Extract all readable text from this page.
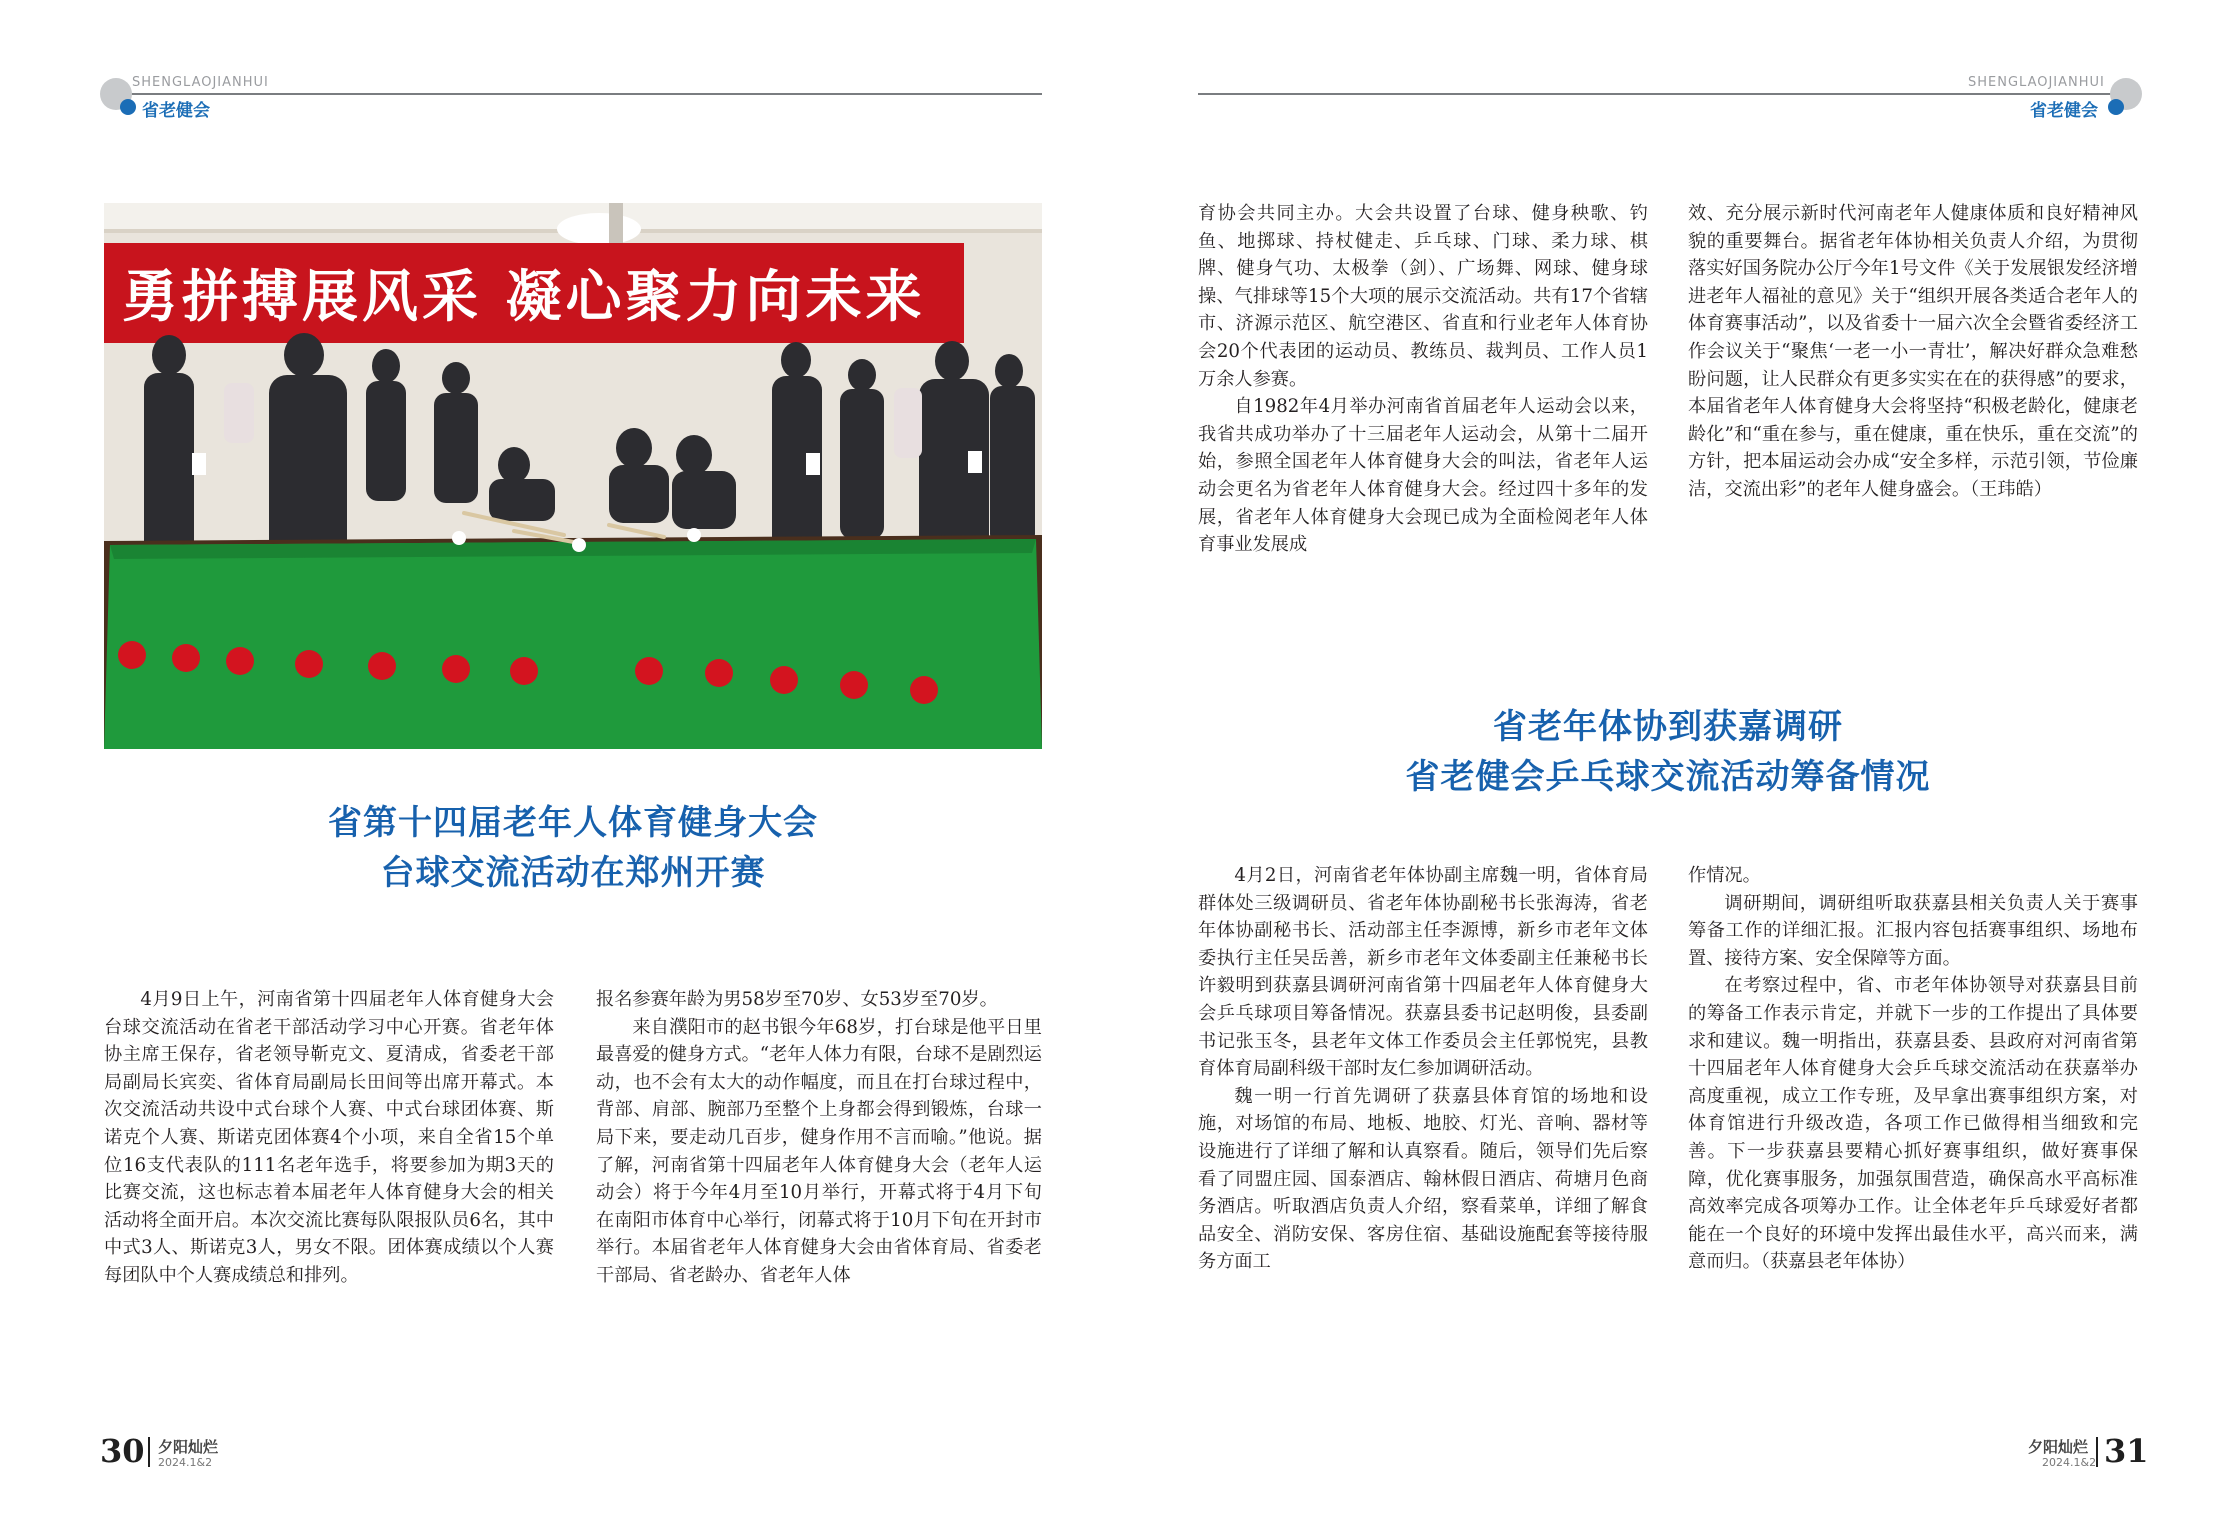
SHENGLAOJIANHUI
省老健会
SHENGLAOJIANHUI
省老健会
勇拼搏展风采 凝心聚力向未来
省第十四届老年人体育健身大会
台球交流活动在郑州开赛

4月9日上午，河南省第十四届老年人体育健身大会台球交流活动在省老干部活动学习中心开赛。省老年体协主席王保存，省老领导靳克文、夏清成，省委老干部局副局长宾奕、省体育局副局长田间等出席开幕式。本次交流活动共设中式台球个人赛、中式台球团体赛、斯诺克个人赛、斯诺克团体赛4个小项，来自全省15个单位16支代表队的111名老年选手，将要参加为期3天的比赛交流，这也标志着本届老年人体育健身大会的相关活动将全面开启。本次交流比赛每队限报队员6名，其中中式3人、斯诺克3人，男女不限。团体赛成绩以个人赛每团队中个人赛成绩总和排列。

报名参赛年龄为男58岁至70岁、女53岁至70岁。

来自濮阳市的赵书银今年68岁，打台球是他平日里最喜爱的健身方式。“老年人体力有限，台球不是剧烈运动，也不会有太大的动作幅度，而且在打台球过程中，背部、肩部、腕部乃至整个上身都会得到锻炼，台球一局下来，要走动几百步，健身作用不言而喻。”他说。据了解，河南省第十四届老年人体育健身大会（老年人运动会）将于今年4月至10月举行，开幕式将于4月下旬在南阳市体育中心举行，闭幕式将于10月下旬在开封市举行。本届省老年人体育健身大会由省体育局、省委老干部局、省老龄办、省老年人体

育协会共同主办。大会共设置了台球、健身秧歌、钓鱼、地掷球、持杖健走、乒乓球、门球、柔力球、棋牌、健身气功、太极拳（剑）、广场舞、网球、健身球操、气排球等15个大项的展示交流活动。共有17个省辖市、济源示范区、航空港区、省直和行业老年人体育协会20个代表团的运动员、教练员、裁判员、工作人员1万余人参赛。

自1982年4月举办河南省首届老年人运动会以来，我省共成功举办了十三届老年人运动会，从第十二届开始，参照全国老年人体育健身大会的叫法，省老年人运动会更名为省老年人体育健身大会。经过四十多年的发展，省老年人体育健身大会现已成为全面检阅老年人体育事业发展成

效、充分展示新时代河南老年人健康体质和良好精神风貌的重要舞台。据省老年体协相关负责人介绍，为贯彻落实好国务院办公厅今年1号文件《关于发展银发经济增进老年人福祉的意见》关于“组织开展各类适合老年人的体育赛事活动”，以及省委十一届六次全会暨省委经济工作会议关于“聚焦‘一老一小一青壮’，解决好群众急难愁盼问题，让人民群众有更多实实在在的获得感”的要求，本届省老年人体育健身大会将坚持“积极老龄化，健康老龄化”和“重在参与，重在健康，重在快乐，重在交流”的方针，把本届运动会办成“安全多样，示范引领，节俭廉洁，交流出彩”的老年人健身盛会。（王玮皓）

省老年体协到获嘉调研
省老健会乒乓球交流活动筹备情况

4月2日，河南省老年体协副主席魏一明，省体育局群体处三级调研员、省老年体协副秘书长张海涛，省老年体协副秘书长、活动部主任李源博，新乡市老年文体委执行主任吴岳善，新乡市老年文体委副主任兼秘书长许毅明到获嘉县调研河南省第十四届老年人体育健身大会乒乓球项目筹备情况。获嘉县委书记赵明俊，县委副书记张玉冬，县老年文体工作委员会主任郭悦宪，县教育体育局副科级干部时友仁参加调研活动。

魏一明一行首先调研了获嘉县体育馆的场地和设施，对场馆的布局、地板、地胶、灯光、音响、器材等设施进行了详细了解和认真察看。随后，领导们先后察看了同盟庄园、国泰酒店、翰林假日酒店、荷塘月色商务酒店。听取酒店负责人介绍，察看菜单，详细了解食品安全、消防安保、客房住宿、基础设施配套等接待服务方面工

作情况。

调研期间，调研组听取获嘉县相关负责人关于赛事筹备工作的详细汇报。汇报内容包括赛事组织、场地布置、接待方案、安全保障等方面。

在考察过程中，省、市老年体协领导对获嘉县目前的筹备工作表示肯定，并就下一步的工作提出了具体要求和建议。魏一明指出，获嘉县委、县政府对河南省第十四届老年人体育健身大会乒乓球交流活动在获嘉举办高度重视，成立工作专班，及早拿出赛事组织方案，对体育馆进行升级改造，各项工作已做得相当细致和完善。下一步获嘉县要精心抓好赛事组织，做好赛事保障，优化赛事服务，加强氛围营造，确保高水平高标准高效率完成各项筹办工作。让全体老年乒乓球爱好者都能在一个良好的环境中发挥出最佳水平，高兴而来，满意而归。（获嘉县老年体协）

30 夕阳灿烂
2024.1&2
夕阳灿烂
2024.1&2 31
